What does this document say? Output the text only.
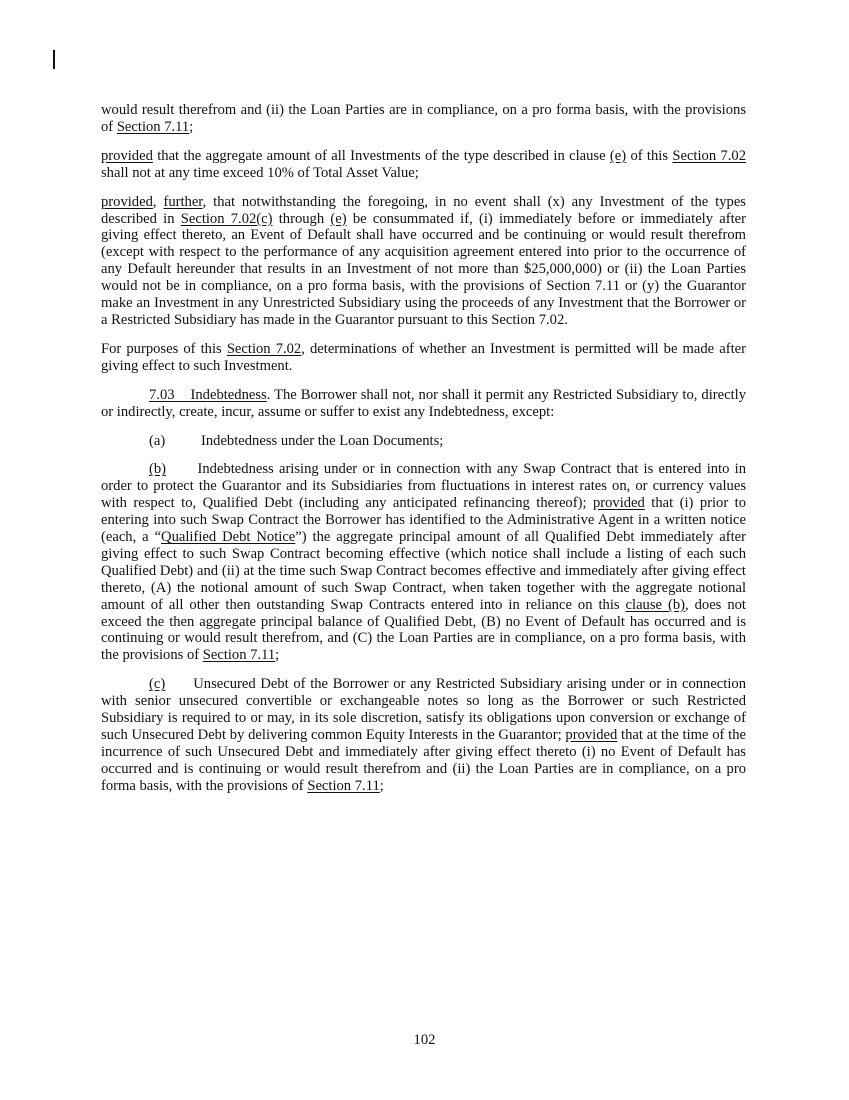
would result therefrom and (ii) the Loan Parties are in compliance, on a pro forma basis, with the provisions of Section 7.11;

provided that the aggregate amount of all Investments of the type described in clause (e) of this Section 7.02 shall not at any time exceed 10% of Total Asset Value;

provided, further, that notwithstanding the foregoing, in no event shall (x) any Investment of the types described in Section 7.02(c) through (e) be consummated if, (i) immediately before or immediately after giving effect thereto, an Event of Default shall have occurred and be continuing or would result therefrom (except with respect to the performance of any acquisition agreement entered into prior to the occurrence of any Default hereunder that results in an Investment of not more than $25,000,000) or (ii) the Loan Parties would not be in compliance, on a pro forma basis, with the provisions of Section 7.11 or (y) the Guarantor make an Investment in any Unrestricted Subsidiary using the proceeds of any Investment that the Borrower or a Restricted Subsidiary has made in the Guarantor pursuant to this Section 7.02.

For purposes of this Section 7.02, determinations of whether an Investment is permitted will be made after giving effect to such Investment.

7.03    Indebtedness. The Borrower shall not, nor shall it permit any Restricted Subsidiary to, directly or indirectly, create, incur, assume or suffer to exist any Indebtedness, except:

(a) Indebtedness under the Loan Documents;

(b)      Indebtedness arising under or in connection with any Swap Contract that is entered into in order to protect the Guarantor and its Subsidiaries from fluctuations in interest rates on, or currency values with respect to, Qualified Debt (including any anticipated refinancing thereof); provided that (i) prior to entering into such Swap Contract the Borrower has identified to the Administrative Agent in a written notice (each, a “Qualified Debt Notice”) the aggregate principal amount of all Qualified Debt immediately after giving effect to such Swap Contract becoming effective (which notice shall include a listing of each such Qualified Debt) and (ii) at the time such Swap Contract becomes effective and immediately after giving effect thereto, (A) the notional amount of such Swap Contract, when taken together with the aggregate notional amount of all other then outstanding Swap Contracts entered into in reliance on this clause (b), does not exceed the then aggregate principal balance of Qualified Debt, (B) no Event of Default has occurred and is continuing or would result therefrom, and (C) the Loan Parties are in compliance, on a pro forma basis, with the provisions of Section 7.11;

(c)      Unsecured Debt of the Borrower or any Restricted Subsidiary arising under or in connection with senior unsecured convertible or exchangeable notes so long as the Borrower or such Restricted Subsidiary is required to or may, in its sole discretion, satisfy its obligations upon conversion or exchange of such Unsecured Debt by delivering common Equity Interests in the Guarantor; provided that at the time of the incurrence of such Unsecured Debt and immediately after giving effect thereto (i) no Event of Default has occurred and is continuing or would result therefrom and (ii) the Loan Parties are in compliance, on a pro forma basis, with the provisions of Section 7.11;

102
